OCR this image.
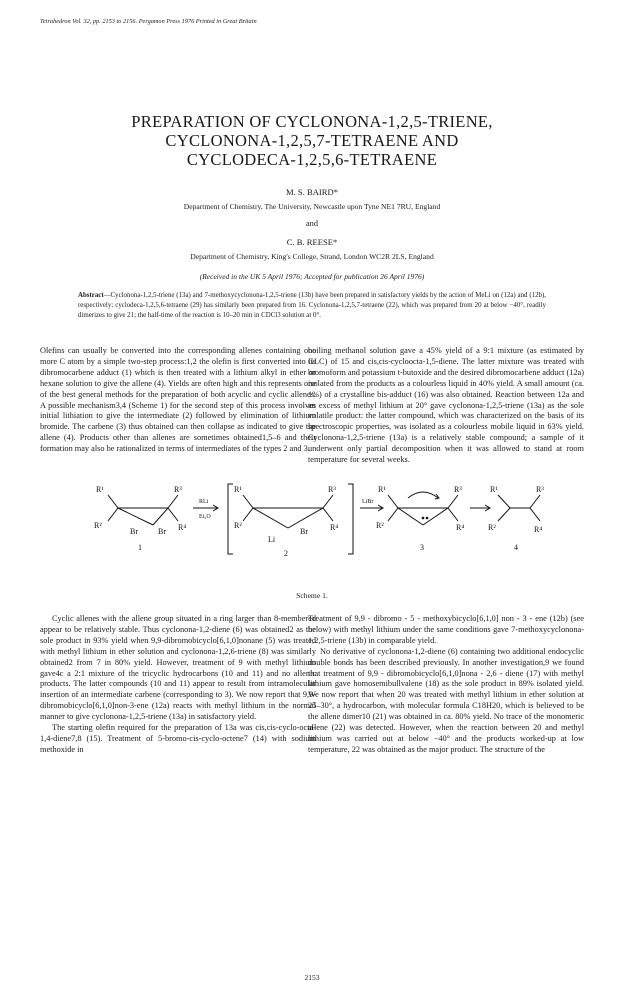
Tetrahedron Vol. 32, pp. 2153 to 2156. Pergamon Press 1976 Printed in Great Britain
PREPARATION OF CYCLONONA-1,2,5-TRIENE,
CYCLONONA-1,2,5,7-TETRAENE AND
CYCLODECA-1,2,5,6-TETRAENE
M. S. BAIRD*
Department of Chemistry, The University, Newcastle upon Tyne NE1 7RU, England
and
C. B. REESE*
Department of Chemistry, King's College, Strand, London WC2R 2LS, England
(Received in the UK 5 April 1976; Accepted for publication 26 April 1976)
Abstract—Cyclonona-1,2,5-triene (13a) and 7-methoxycyclonona-1,2,5-triene (13b) have been prepared in satisfactory yields by the action of MeLi on (12a) and (12b), respectively; cyclodeca-1,2,5,6-tetraene (29) has similarly been prepared from 16. Cyclonona-1,2,5,7-tetraene (22), which was prepared from 20 at below −40°, readily dimerizes to give 21; the half-time of the reaction is 10–20 min in CDCl3 solution at 0°.

Olefins can usually be converted into the corresponding allenes containing one more C atom by a simple two-step process:1,2 the olefin is first converted into its dibromocarbene adduct (1) which is then treated with a lithium alkyl in ether or hexane solution to give the allene (4). Yields are often high and this represents one of the best general methods for the preparation of both acyclic and cyclic allenes. A possible mechanism3,4 (Scheme 1) for the second step of this process involves initial lithiation to give the intermediate (2) followed by elimination of lithium bromide. The carbene (3) thus obtained can then collapse as indicated to give the allene (4). Products other than allenes are sometimes obtained1,5–6 and their formation may also be rationalized in terms of intermediates of the types 2 and 3.

boiling methanol solution gave a 45% yield of a 9:1 mixture (as estimated by GLC) of 15 and cis,cis-cycloocta-1,5-diene. The latter mixture was treated with bromoform and potassium t-butoxide and the desired dibromocarbene adduct (12a) isolated from the products as a colourless liquid in 40% yield. A small amount (ca. 1%) of a crystalline bis-adduct (16) was also obtained. Reaction between 12a and an excess of methyl lithium at 20° gave cyclonona-1,2,5-triene (13a) as the sole volatile product: the latter compound, which was characterized on the basis of its spectroscopic properties, was isolated as a colourless mobile liquid in 63% yield. Cyclonona-1,2,5-triene (13a) is a relatively stable compound; a sample of it underwent only partial decomposition when it was allowed to stand at room temperature for several weeks.

R¹	R³
R²	R⁴
Br	Br
1
RLi
Et₂O
R¹	R³
R²	R⁴
Li
Br
2
LiBr
R¹	R³
R²	R⁴
3
R¹	R³
R²	R⁴
4
Scheme 1.

Cyclic allenes with the allene group situated in a ring larger than 8-membered appear to be relatively stable. Thus cyclonona-1,2-diene (6) was obtained2 as the sole product in 93% yield when 9,9-dibromobicyclo[6,1,0]nonane (5) was treated with methyl lithium in ether solution and cyclonona-1,2,6-triene (8) was similarly obtained2 from 7 in 80% yield. However, treatment of 9 with methyl lithium gave4c a 2:1 mixture of the tricyclic hydrocarbons (10 and 11) and no allenic products. The latter compounds (10 and 11) appear to result from intramolecular insertion of an intermediate carbene (corresponding to 3). We now report that 9,9-dibromobicyclo[6,1,0]non-3-ene (12a) reacts with methyl lithium in the normal manner to give cyclonona-1,2,5-triene (13a) in satisfactory yield.

The starting olefin required for the preparation of 13a was cis,cis-cyclo-octa-1,4-diene7,8 (15). Treatment of 5-bromo-cis-cyclo-octene7 (14) with sodium methoxide in

Treatment of 9,9 - dibromo - 5 - methoxybicyclo[6,1,0] non - 3 - ene (12b) (see below) with methyl lithium under the same conditions gave 7-methoxycyclonona-1,2,5-triene (13b) in comparable yield.

No derivative of cyclonona-1,2-diene (6) containing two additional endocyclic double bonds has been described previously. In another investigation,9 we found that treatment of 9,9 - dibromobicyclo[6,1,0]nona - 2,6 - diene (17) with methyl lithium gave homosemibullvalene (18) as the sole product in 89% isolated yield. We now report that when 20 was treated with methyl lithium in ether solution at 25–30°, a hydrocarbon, with molecular formula C18H20, which is believed to be the allene dimer10 (21) was obtained in ca. 80% yield. No trace of the monomeric allene (22) was detected. However, when the reaction between 20 and methyl lithium was carried out at below −40° and the products worked-up at low temperature, 22 was obtained as the major product. The structure of the

2153
